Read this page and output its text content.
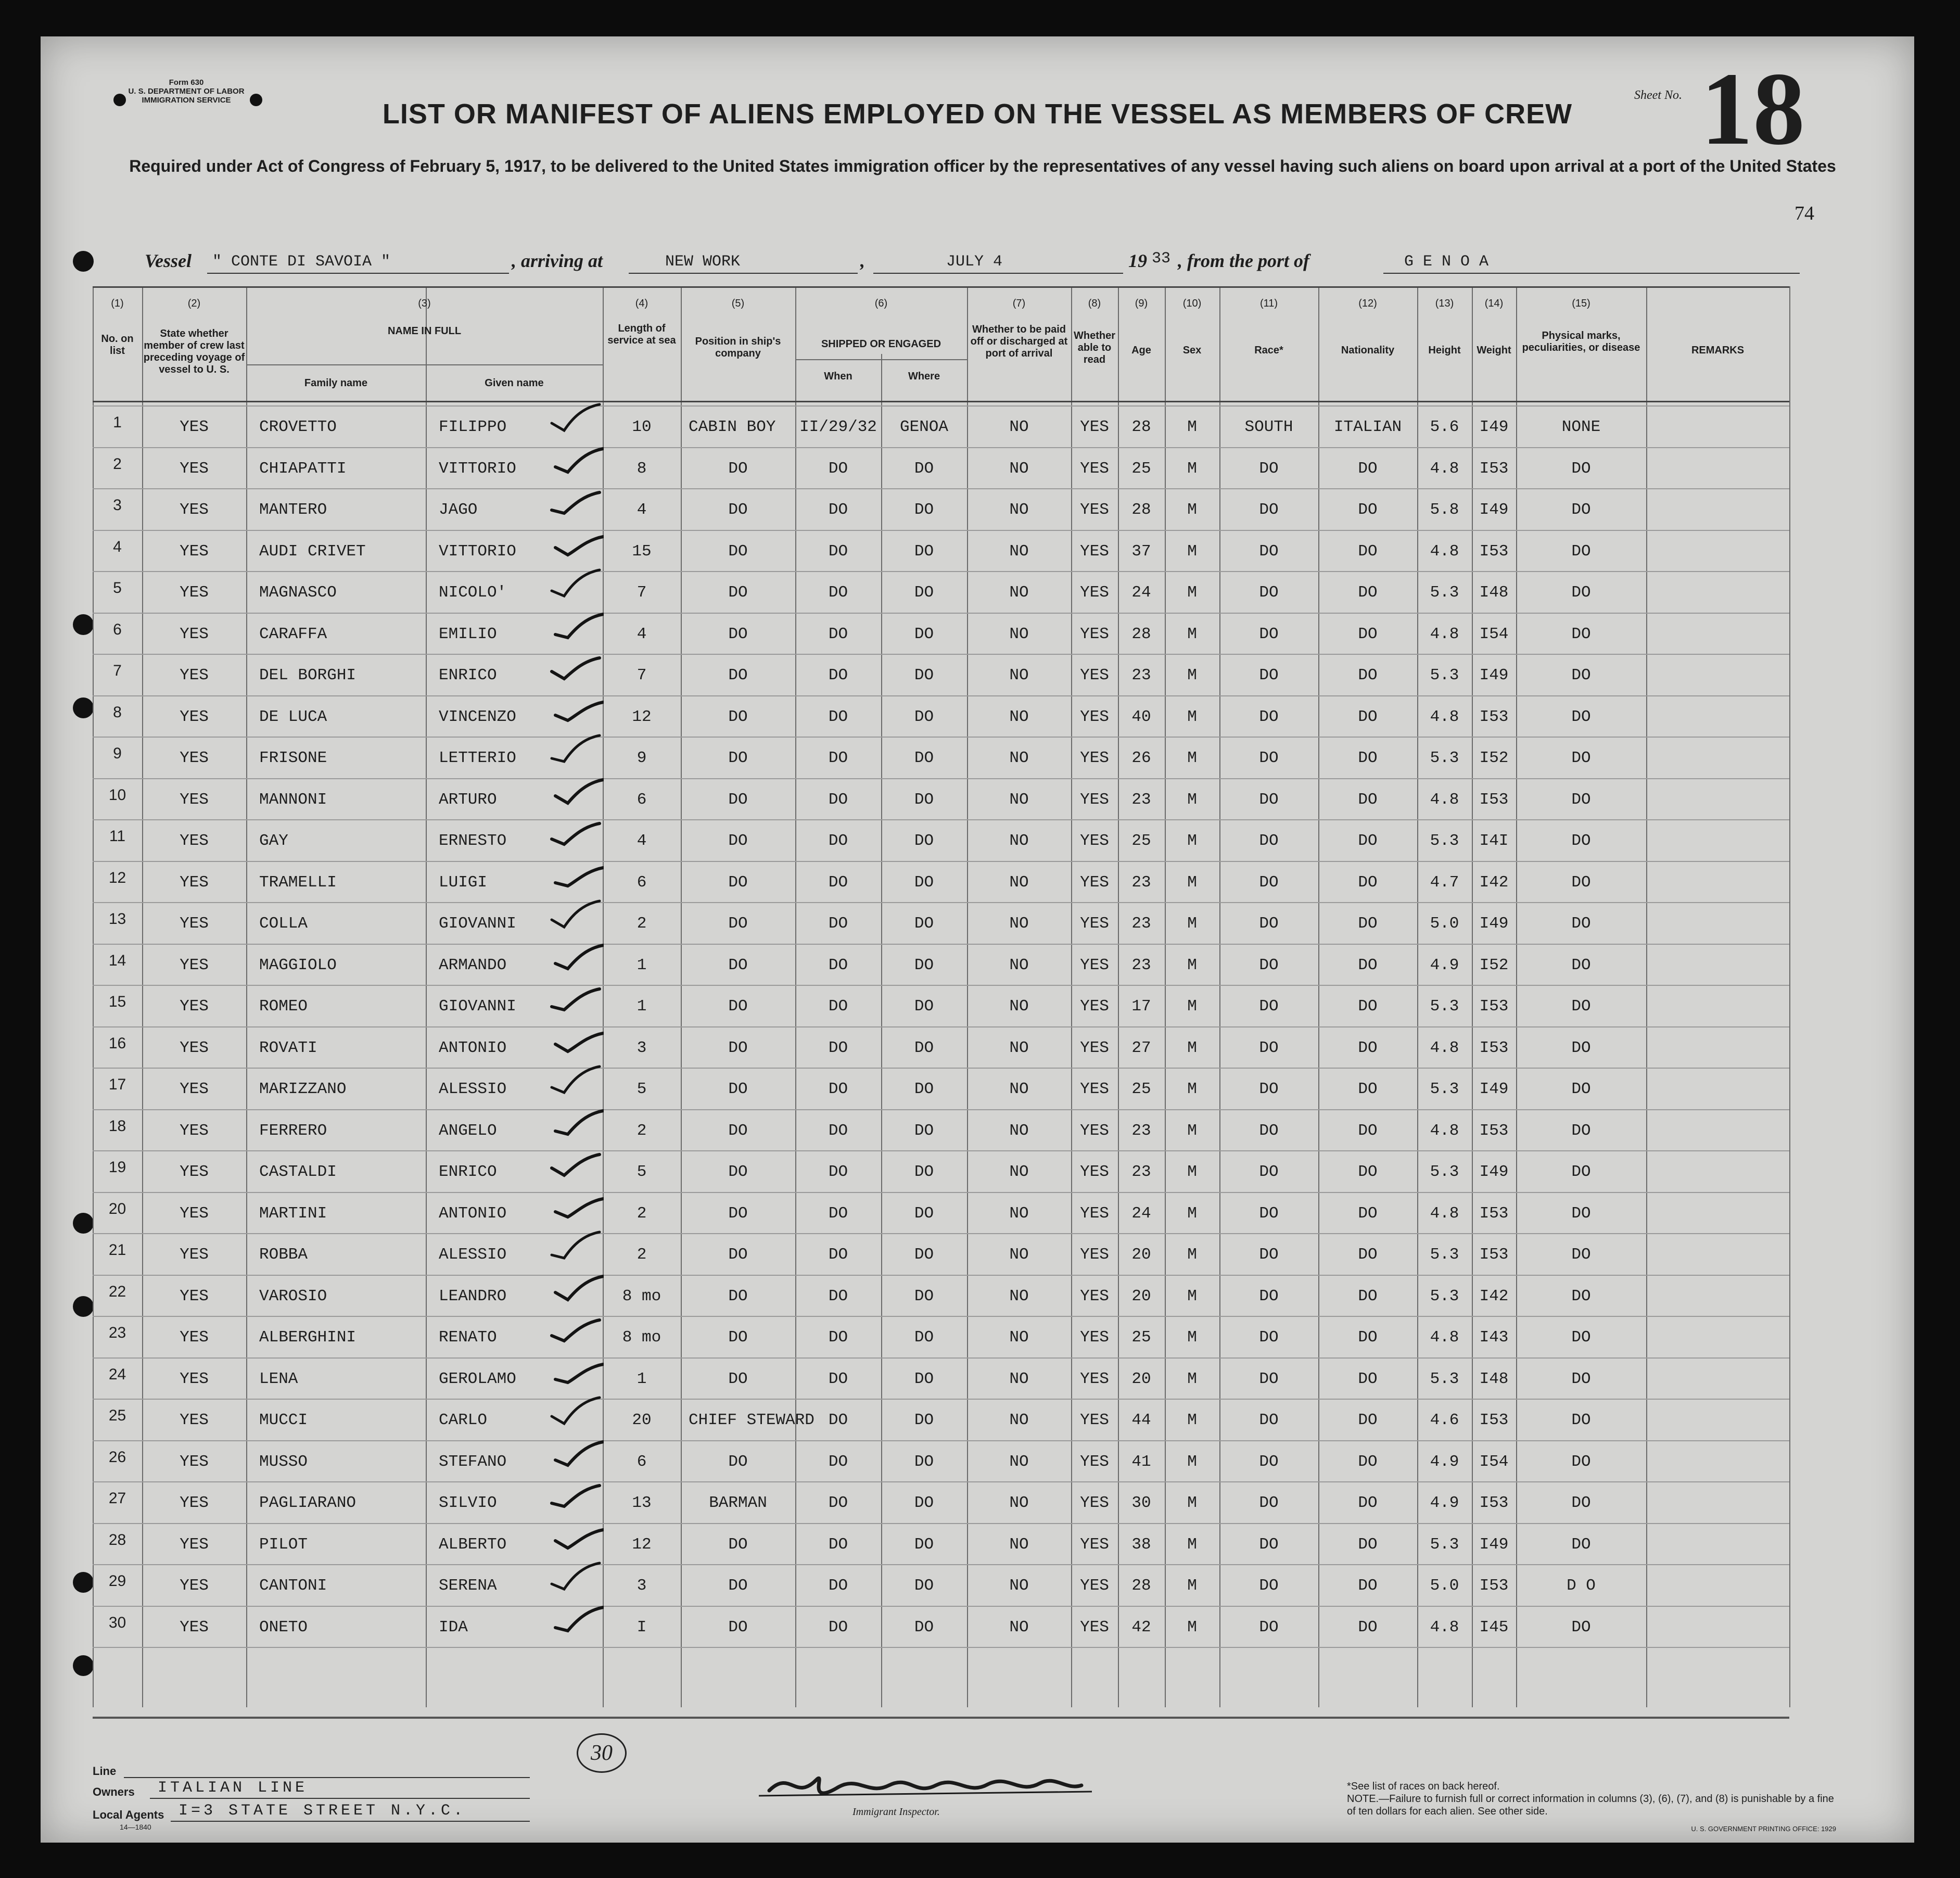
Form 630
U. S. DEPARTMENT OF LABOR
IMMIGRATION SERVICE	LIST OR MANIFEST OF ALIENS EMPLOYED ON THE VESSEL AS MEMBERS OF CREW
Required under Act of Congress of February 5, 1917, to be delivered to the United States immigration officer by the representatives of any vessel having such aliens on board upon arrival at a port of the United States
Sheet No. 18
74
Vessel " CONTE DI SAVOIA "	, arriving at	NEW WORK	,	JULY 4	19 33 , from the port of	G E N O A
(1)	(2)	(3)	(4)	(5)	(6)	(7)	(8)	(9)	(10)	(11)	(12)	(13)	(14)	(15)
No. on list
State whether member of crew last preceding voyage of vessel to U. S.
NAME IN FULL
Family name	Given name
Length of service at sea	Position in ship's company
SHIPPED OR ENGAGED
When	Where
Whether to be paid off or discharged at port of arrival
Whether able to read
Age	Sex	Race*	Nationality	Height	Weight
Physical marks, peculiarities, or disease	REMARKS
1	YES	CROVETTO	FILIPPO	10	CABIN BOY	II/29/32	GENOA	NO	YES	28	M	SOUTH	ITALIAN	5.6	I49	NONE
2	YES	CHIAPATTI	VITTORIO	8	DO	DO	DO	NO	YES	25	M	DO	DO	4.8	I53	DO
3	YES	MANTERO	JAGO	4	DO	DO	DO	NO	YES	28	M	DO	DO	5.8	I49	DO
4	YES	AUDI CRIVET	VITTORIO	15	DO	DO	DO	NO	YES	37	M	DO	DO	4.8	I53	DO
5	YES	MAGNASCO	NICOLO'	7	DO	DO	DO	NO	YES	24	M	DO	DO	5.3	I48	DO
6	YES	CARAFFA	EMILIO	4	DO	DO	DO	NO	YES	28	M	DO	DO	4.8	I54	DO
7	YES	DEL BORGHI	ENRICO	7	DO	DO	DO	NO	YES	23	M	DO	DO	5.3	I49	DO
8	YES	DE LUCA	VINCENZO	12	DO	DO	DO	NO	YES	40	M	DO	DO	4.8	I53	DO
9	YES	FRISONE	LETTERIO	9	DO	DO	DO	NO	YES	26	M	DO	DO	5.3	I52	DO
10	YES	MANNONI	ARTURO	6	DO	DO	DO	NO	YES	23	M	DO	DO	4.8	I53	DO
11	YES	GAY	ERNESTO	4	DO	DO	DO	NO	YES	25	M	DO	DO	5.3	I4I	DO
12	YES	TRAMELLI	LUIGI	6	DO	DO	DO	NO	YES	23	M	DO	DO	4.7	I42	DO
13	YES	COLLA	GIOVANNI	2	DO	DO	DO	NO	YES	23	M	DO	DO	5.0	I49	DO
14	YES	MAGGIOLO	ARMANDO	1	DO	DO	DO	NO	YES	23	M	DO	DO	4.9	I52	DO
15	YES	ROMEO	GIOVANNI	1	DO	DO	DO	NO	YES	17	M	DO	DO	5.3	I53	DO
16	YES	ROVATI	ANTONIO	3	DO	DO	DO	NO	YES	27	M	DO	DO	4.8	I53	DO
17	YES	MARIZZANO	ALESSIO	5	DO	DO	DO	NO	YES	25	M	DO	DO	5.3	I49	DO
18	YES	FERRERO	ANGELO	2	DO	DO	DO	NO	YES	23	M	DO	DO	4.8	I53	DO
19	YES	CASTALDI	ENRICO	5	DO	DO	DO	NO	YES	23	M	DO	DO	5.3	I49	DO
20	YES	MARTINI	ANTONIO	2	DO	DO	DO	NO	YES	24	M	DO	DO	4.8	I53	DO
21	YES	ROBBA	ALESSIO	2	DO	DO	DO	NO	YES	20	M	DO	DO	5.3	I53	DO
22	YES	VAROSIO	LEANDRO	8 mo	DO	DO	DO	NO	YES	20	M	DO	DO	5.3	I42	DO
23	YES	ALBERGHINI	RENATO	8 mo	DO	DO	DO	NO	YES	25	M	DO	DO	4.8	I43	DO
24	YES	LENA	GEROLAMO	1	DO	DO	DO	NO	YES	20	M	DO	DO	5.3	I48	DO
25	YES	MUCCI	CARLO	20	CHIEF STEWARD DO	DO	NO	YES	44	M	DO	DO	4.6	I53	DO
26	YES	MUSSO	STEFANO	6	DO	DO	DO	NO	YES	41	M	DO	DO	4.9	I54	DO
27	YES	PAGLIARANO	SILVIO	13	BARMAN	DO	DO	NO	YES	30	M	DO	DO	4.9	I53	DO
28	YES	PILOT	ALBERTO	12	DO	DO	DO	NO	YES	38	M	DO	DO	5.3	I49	DO
29	YES	CANTONI	SERENA	3	DO	DO	DO	NO	YES	28	M	DO	DO	5.0	I53	D O
30	YES	ONETO	IDA	I	DO	DO	DO	NO	YES	42	M	DO	DO	4.8	I45	DO
30
Line
Owners ITALIAN LINE
Local Agents I=3 STATE STREET N.Y.C.
14—1840
Immigrant Inspector.
*See list of races on back hereof.
NOTE.—Failure to furnish full or correct information in columns (3), (6), (7), and (8) is punishable by a fine of ten dollars for each alien. See other side.
U. S. GOVERNMENT PRINTING OFFICE: 1929
